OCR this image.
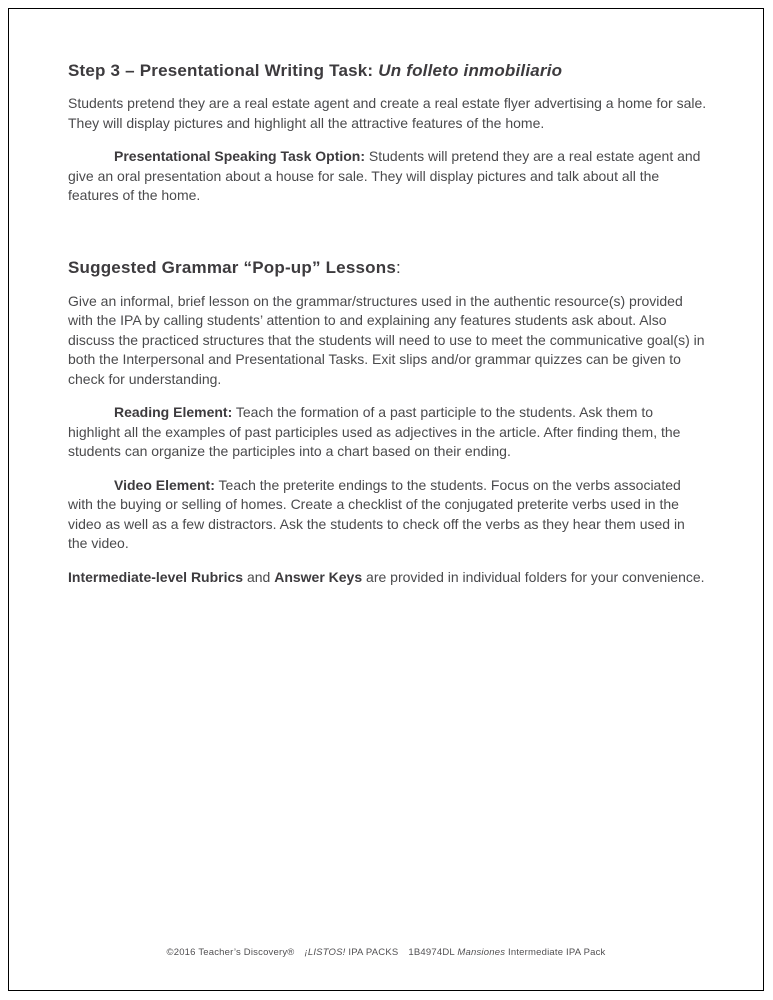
Step 3 – Presentational Writing Task: Un folleto inmobiliario

Students pretend they are a real estate agent and create a real estate flyer advertising a home for sale. They will display pictures and highlight all the attractive features of the home.

Presentational Speaking Task Option: Students will pretend they are a real estate agent and give an oral presentation about a house for sale. They will display pictures and talk about all the features of the home.

Suggested Grammar “Pop-up” Lessons:

Give an informal, brief lesson on the grammar/structures used in the authentic resource(s) provided with the IPA by calling students’ attention to and explaining any features students ask about. Also discuss the practiced structures that the students will need to use to meet the communicative goal(s) in both the Interpersonal and Presentational Tasks. Exit slips and/or grammar quizzes can be given to check for understanding.

Reading Element: Teach the formation of a past participle to the students. Ask them to highlight all the examples of past participles used as adjectives in the article. After finding them, the students can organize the participles into a chart based on their ending.

Video Element: Teach the preterite endings to the students. Focus on the verbs associated with the buying or selling of homes. Create a checklist of the conjugated preterite verbs used in the video as well as a few distractors. Ask the students to check off the verbs as they hear them used in the video.

Intermediate-level Rubrics and Answer Keys are provided in individual folders for your convenience.

©2016 Teacher’s Discovery® ¡LISTOS! IPA PACKS 1B4974DL Mansiones Intermediate IPA Pack
